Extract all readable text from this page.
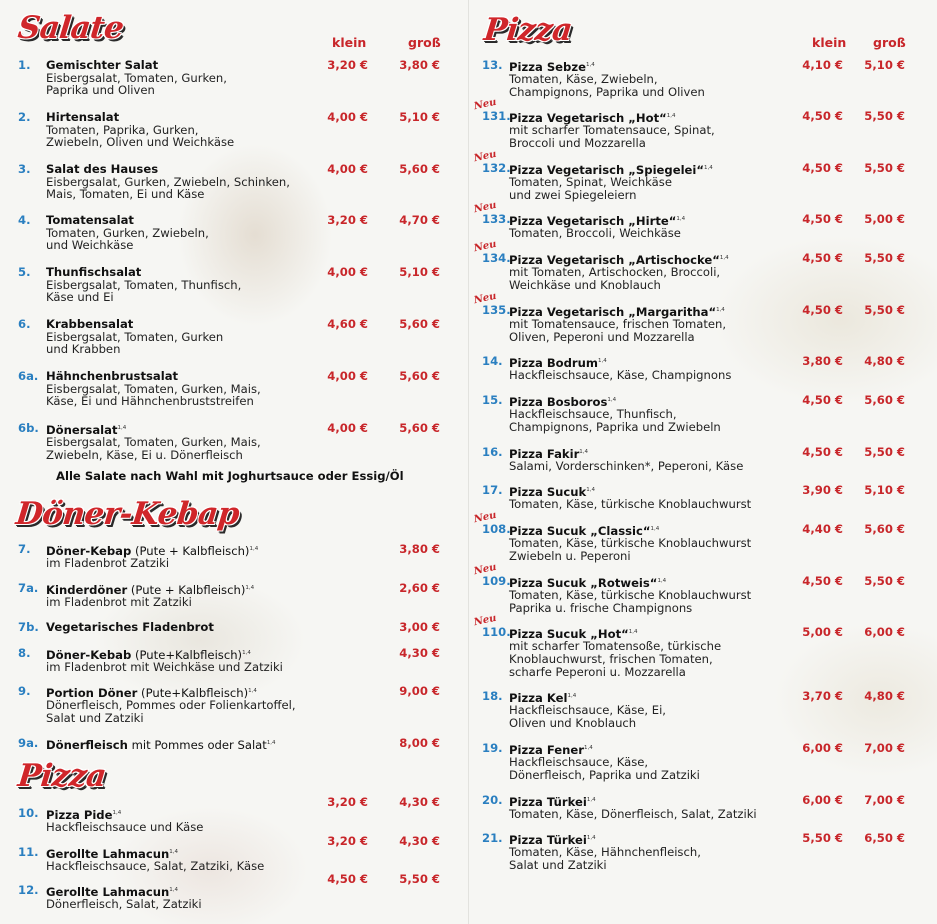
Salate	klein	groß
1. Gemischter Salat
Eisbergsalat, Tomaten, Gurken,
Paprika und Oliven
3,20 €	3,80 €
2. Hirtensalat
Tomaten, Paprika, Gurken,
Zwiebeln, Oliven und Weichkäse
4,00 €	5,10 €
3. Salat des Hauses
Eisbergsalat, Gurken, Zwiebeln, Schinken,
Mais, Tomaten, Ei und Käse
4,00 €	5,60 €
4. Tomatensalat
Tomaten, Gurken, Zwiebeln,
und Weichkäse
3,20 €	4,70 €
5. Thunfischsalat
Eisbergsalat, Tomaten, Thunfisch,
Käse und Ei
4,00 €	5,10 €
6. Krabbensalat
Eisbergsalat, Tomaten, Gurken
und Krabben
4,60 €	5,60 €
6a. Hähnchenbrustsalat
Eisbergsalat, Tomaten, Gurken, Mais,
Käse, Ei und Hähnchenbruststreifen
4,00 €	5,60 €
6b. Dönersalat$^{1,4}$
Eisbergsalat, Tomaten, Gurken, Mais,
Zwiebeln, Käse, Ei u. Dönerfleisch
4,00 €	5,60 €
Alle Salate nach Wahl mit Joghurtsauce oder Essig/Öl
Döner-Kebap
7. Döner-Kebap (Pute + Kalbfleisch)$^{1,4}$
im Fladenbrot Zatziki
3,80 €
7a. Kinderdöner (Pute + Kalbfleisch)$^{1,4}$
im Fladenbrot mit Zatziki
2,60 €
7b. Vegetarisches Fladenbrot	3,00 €
8. Döner-Kebab (Pute+Kalbfleisch)$^{1,4}$
im Fladenbrot mit Weichkäse und Zatziki
4,30 €
9. Portion Döner (Pute+Kalbfleisch)$^{1,4}$
Dönerfleisch, Pommes oder Folienkartoffel,
Salat und Zatziki
9,00 €
9a. Dönerfleisch mit Pommes oder Salat$^{1,4}$	8,00 €
Pizza
10. Pizza Pide$^{1,4}$
Hackfleischsauce und Käse
3,20 €	4,30 €
11. Gerollte Lahmacun$^{1,4}$
Hackfleischsauce, Salat, Zatziki, Käse
3,20 €	4,30 €
12. Gerollte Lahmacun$^{1,4}$
Dönerfleisch, Salat, Zatziki
4,50 €	5,50 €
Pizza	klein groß
13. Pizza Sebze$^{1,4}$
Tomaten, Käse, Zwiebeln,
Champignons, Paprika und Oliven
4,10 €	5,10 €
Neu
131.
Pizza Vegetarisch „Hot“$^{1,4}$
mit scharfer Tomatensauce, Spinat,
Broccoli und Mozzarella
4,50 €	5,50 €
Neu
132.
Pizza Vegetarisch „Spiegelei“$^{1,4}$
Tomaten, Spinat, Weichkäse
und zwei Spiegeleiern
4,50 €	5,50 €
Neu
133.
Pizza Vegetarisch „Hirte“$^{1,4}$
Tomaten, Broccoli, Weichkäse
4,50 €	5,00 €
Neu
134.
Pizza Vegetarisch „Artischocke“$^{1,4}$
mit Tomaten, Artischocken, Broccoli,
Weichkäse und Knoblauch
4,50 €	5,50 €
Neu
135.
Pizza Vegetarisch „Margaritha“$^{1,4}$
mit Tomatensauce, frischen Tomaten,
Oliven, Peperoni und Mozzarella
4,50 €	5,50 €
14. Pizza Bodrum$^{1,4}$
Hackfleischsauce, Käse, Champignons
3,80 €	4,80 €
15. Pizza Bosboros$^{1,4}$
Hackfleischsauce, Thunfisch,
Champignons, Paprika und Zwiebeln
4,50 €	5,60 €
16. Pizza Fakir$^{1,4}$
Salami, Vorderschinken*, Peperoni, Käse
4,50 €	5,50 €
17. Pizza Sucuk$^{1,4}$
Tomaten, Käse, türkische Knoblauchwurst
3,90 €	5,10 €
Neu
108.
Pizza Sucuk „Classic“$^{1,4}$
Tomaten, Käse, türkische Knoblauchwurst
Zwiebeln u. Peperoni
4,40 €	5,60 €
Neu
109.
Pizza Sucuk „Rotweis“$^{1,4}$
Tomaten, Käse, türkische Knoblauchwurst
Paprika u. frische Champignons
4,50 €	5,50 €
Neu
110.
Pizza Sucuk „Hot“$^{1,4}$
mit scharfer Tomatensoße, türkische
Knoblauchwurst, frischen Tomaten,
scharfe Peperoni u. Mozzarella
5,00 €	6,00 €
18. Pizza Kel$^{1,4}$
Hackfleischsauce, Käse, Ei,
Oliven und Knoblauch
3,70 €	4,80 €
19. Pizza Fener$^{1,4}$
Hackfleischsauce, Käse,
Dönerfleisch, Paprika und Zatziki
6,00 €	7,00 €
20. Pizza Türkei$^{1,4}$
Tomaten, Käse, Dönerfleisch, Salat, Zatziki
6,00 €	7,00 €
21. Pizza Türkei$^{1,4}$
Tomaten, Käse, Hähnchenfleisch,
Salat und Zatziki
5,50 €	6,50 €
